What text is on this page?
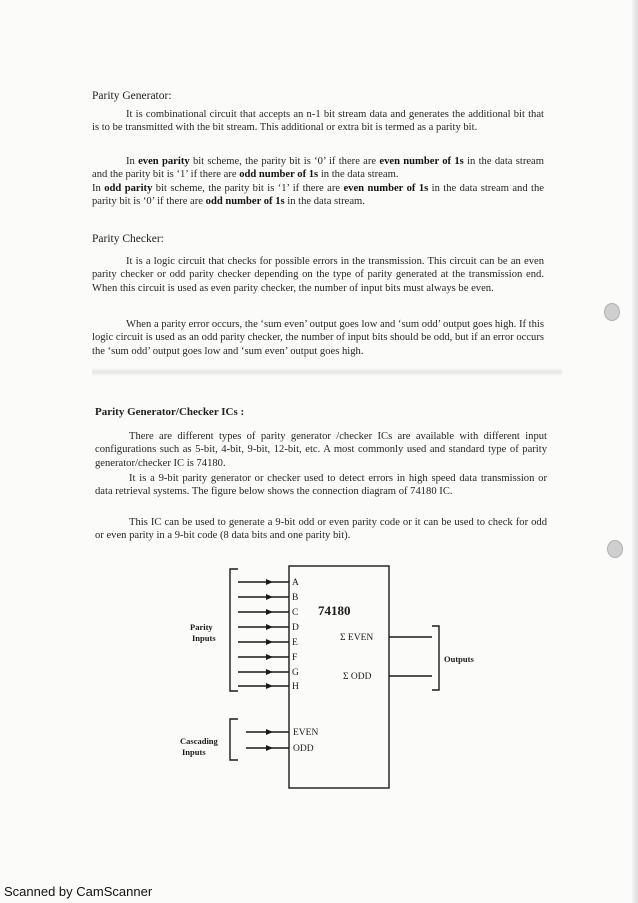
Parity Generator:
It is combinational circuit that accepts an n-1 bit stream data and generates the additional bit that is to be transmitted with the bit stream. This additional or extra bit is termed as a parity bit.
In even parity bit scheme, the parity bit is ‘0’ if there are even number of 1s in the data stream and the parity bit is ‘1’ if there are odd number of 1s in the data stream.
In odd parity bit scheme, the parity bit is ‘1’ if there are even number of 1s in the data stream and the parity bit is ‘0’ if there are odd number of 1s in the data stream.
Parity Checker:
It is a logic circuit that checks for possible errors in the transmission. This circuit can be an even parity checker or odd parity checker depending on the type of parity generated at the transmission end. When this circuit is used as even parity checker, the number of input bits must always be even.
When a parity error occurs, the ‘sum even’ output goes low and ‘sum odd’ output goes high. If this logic circuit is used as an odd parity checker, the number of input bits should be odd, but if an error occurs the ‘sum odd’ output goes low and ‘sum even’ output goes high.
Parity Generator/Checker ICs :
There are different types of parity generator /checker ICs are available with different input configurations such as 5-bit, 4-bit, 9-bit, 12-bit, etc. A most commonly used and standard type of parity generator/checker IC is 74180.
It is a 9-bit parity generator or checker used to detect errors in high speed data transmission or data retrieval systems. The figure below shows the connection diagram of 74180 IC.
This IC can be used to generate a 9-bit odd or even parity code or it can be used to check for odd or even parity in a 9-bit code (8 data bits and one parity bit).
A
B
C
D
E
F
G
H
Σ EVEN
Σ ODD
EVEN
ODD
74180
Parity Inputs
Outputs
Cascading Inputs
Scanned by CamScanner
